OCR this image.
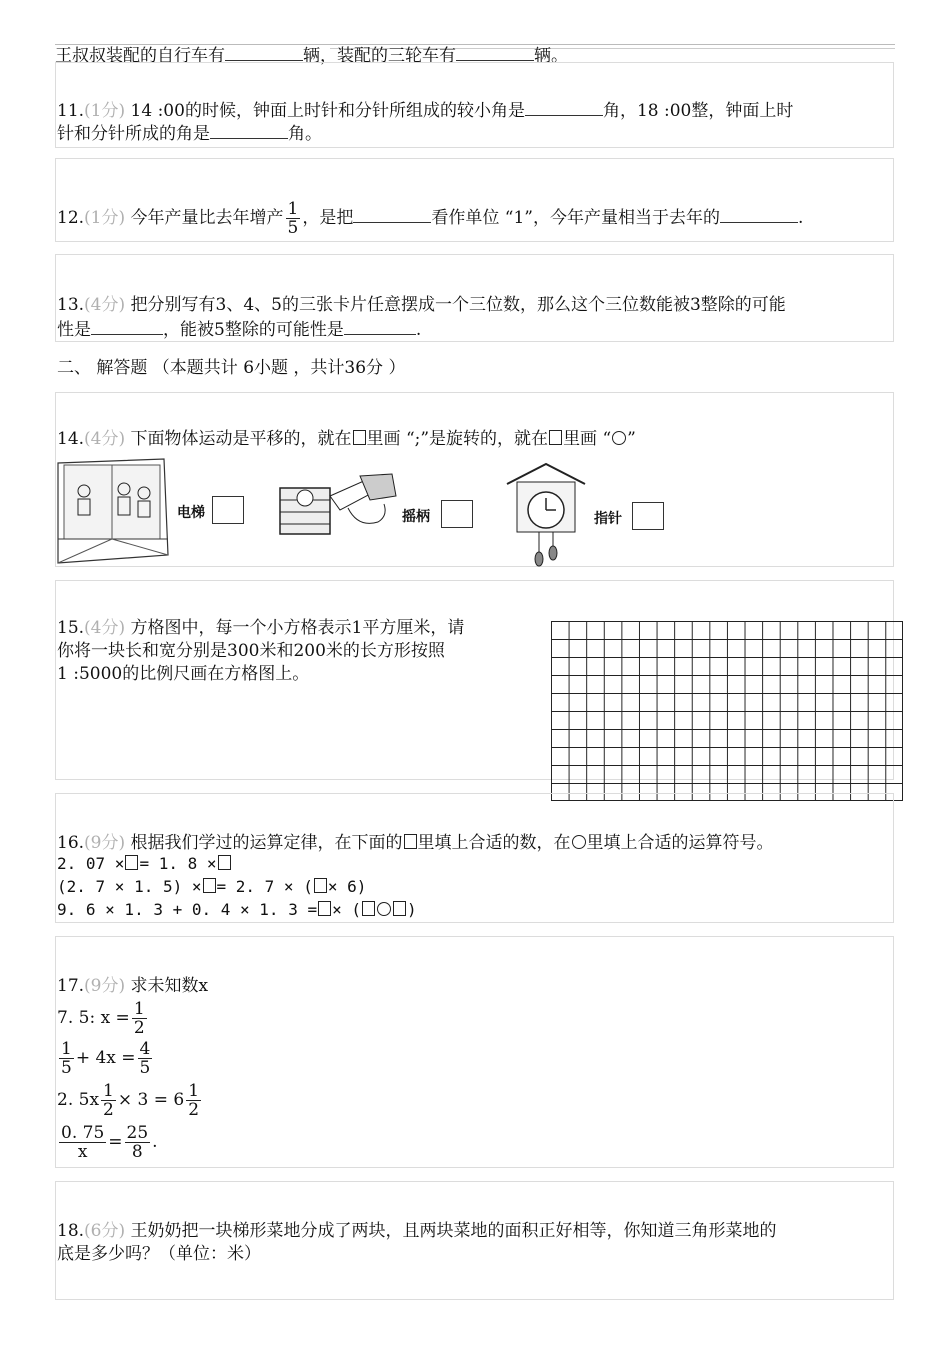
王叔叔装配的自行车有	辆，装配的三轮车有	辆。
11.(1分) 14 :00的时候，钟面上时针和分针所组成的较小角是	角，18 :00整，钟面上时
针和分针所成的角是	角。
12.(1分) 今年产量比去年增产 $\frac{1}{5}$ ，是把	看作单位 “1”，今年产量相当于去年的	.
13.(4分) 把分别写有3、4、5的三张卡片任意摆成一个三位数，那么这个三位数能被3整除的可能
性是	，能被5整除的可能性是	.
二、 解答题 （本题共计 6小题 ，共计36分 ）
14.(4分) 下面物体运动是平移的，就在 里画 “;”是旋转的，就在 里画 “ ”
电梯	摇柄	指针
15.(4分) 方格图中，每一个小方格表示1平方厘米，请
你将一块长和宽分别是300米和200米的长方形按照
1 :5000的比例尺画在方格图上。
16.(9分) 根据我们学过的运算定律，在下面的 里填上合适的数，在 里填上合适的运算符号。
2. 07 × = 1. 8 ×
(2. 7 × 1. 5) × = 2. 7 × ( × 6)
9. 6 × 1. 3 + 0. 4 × 1. 3 = × (	)
17.(9分) 求未知数x
7. 5: $x = \frac{1}{2}$
$\frac{1}{5} + 4x = \frac{4}{5}$
2. $5x \frac{1}{2} \times 3 = 6 \frac{1}{2}$
$\frac{0. 75}{x} = \frac{25}{8}$ .
18.(6分) 王奶奶把一块梯形菜地分成了两块，且两块菜地的面积正好相等，你知道三角形菜地的
底是多少吗？（单位：米）
